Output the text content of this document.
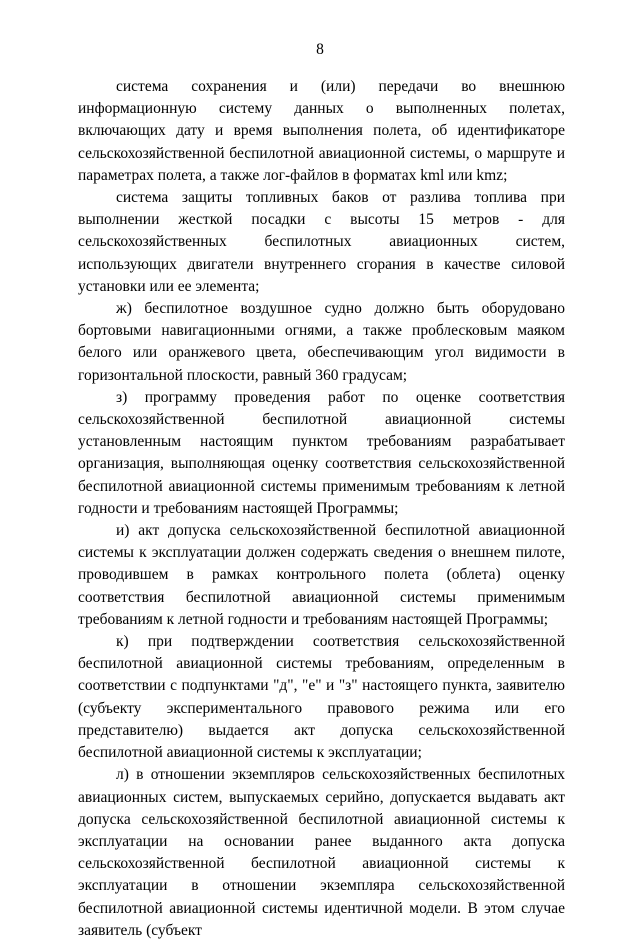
8

система сохранения и (или) передачи во внешнюю информационную систему данных о выполненных полетах, включающих дату и время выполнения полета, об идентификаторе сельскохозяйственной беспилотной авиационной системы, о маршруте и параметрах полета, а также лог-файлов в форматах kml или kmz;

система защиты топливных баков от разлива топлива при выполнении жесткой посадки с высоты 15 метров - для сельскохозяйственных беспилотных авиационных систем, использующих двигатели внутреннего сгорания в качестве силовой установки или ее элемента;

ж) беспилотное воздушное судно должно быть оборудовано бортовыми навигационными огнями, а также проблесковым маяком белого или оранжевого цвета, обеспечивающим угол видимости в горизонтальной плоскости, равный 360 градусам;

з) программу проведения работ по оценке соответствия сельскохозяйственной беспилотной авиационной системы установленным настоящим пунктом требованиям разрабатывает организация, выполняющая оценку соответствия сельскохозяйственной беспилотной авиационной системы применимым требованиям к летной годности и требованиям настоящей Программы;

и) акт допуска сельскохозяйственной беспилотной авиационной системы к эксплуатации должен содержать сведения о внешнем пилоте, проводившем в рамках контрольного полета (облета) оценку соответствия беспилотной авиационной системы применимым требованиям к летной годности и требованиям настоящей Программы;

к) при подтверждении соответствия сельскохозяйственной беспилотной авиационной системы требованиям, определенным в соответствии с подпунктами "д", "е" и "з" настоящего пункта, заявителю (субъекту экспериментального правового режима или его представителю) выдается акт допуска сельскохозяйственной беспилотной авиационной системы к эксплуатации;

л) в отношении экземпляров сельскохозяйственных беспилотных авиационных систем, выпускаемых серийно, допускается выдавать акт допуска сельскохозяйственной беспилотной авиационной системы к эксплуатации на основании ранее выданного акта допуска сельскохозяйственной беспилотной авиационной системы к эксплуатации в отношении экземпляра сельскохозяйственной беспилотной авиационной системы идентичной модели. В этом случае заявитель (субъект
